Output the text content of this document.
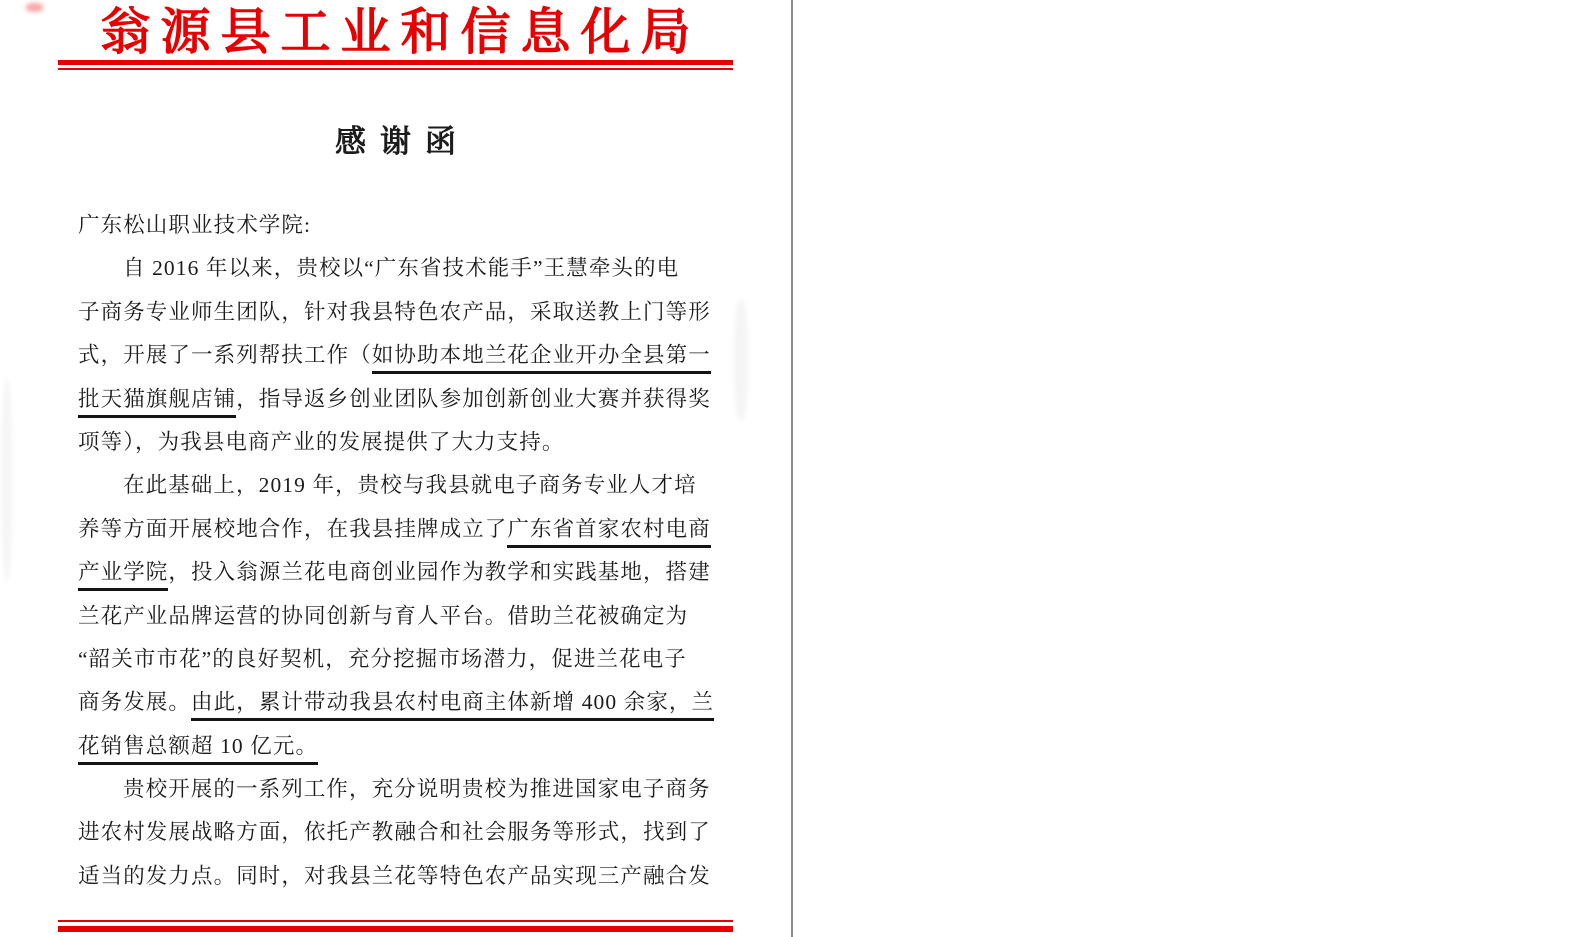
翁源县工业和信息化局
感谢函
广东松山职业技术学院:
自 2016 年以来，贵校以“广东省技术能手”王慧牵头的电
子商务专业师生团队，针对我县特色农产品，采取送教上门等形
式，开展了一系列帮扶工作（如协助本地兰花企业开办全县第一
批天猫旗舰店铺，指导返乡创业团队参加创新创业大赛并获得奖
项等），为我县电商产业的发展提供了大力支持。
在此基础上，2019 年，贵校与我县就电子商务专业人才培
养等方面开展校地合作，在我县挂牌成立了广东省首家农村电商
产业学院，投入翁源兰花电商创业园作为教学和实践基地，搭建
兰花产业品牌运营的协同创新与育人平台。借助兰花被确定为
“韶关市市花”的良好契机，充分挖掘市场潜力，促进兰花电子
商务发展。由此，累计带动我县农村电商主体新增 400 余家，兰
花销售总额超 10 亿元。
贵校开展的一系列工作，充分说明贵校为推进国家电子商务
进农村发展战略方面，依托产教融合和社会服务等形式，找到了
适当的发力点。同时，对我县兰花等特色农产品实现三产融合发
